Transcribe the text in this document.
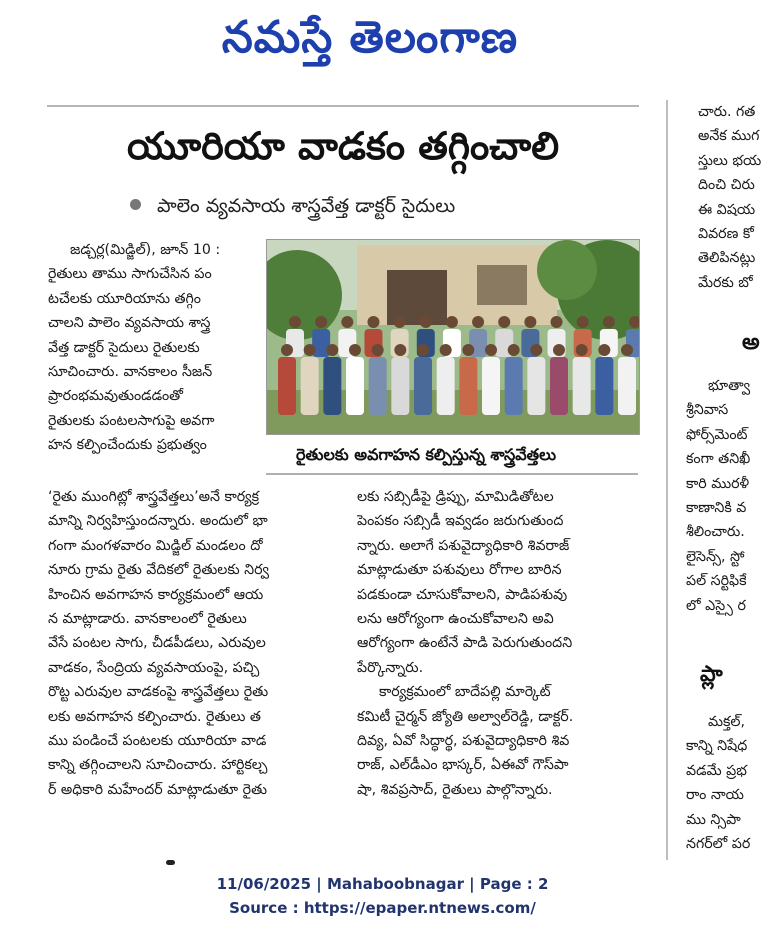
నమస్తే తెలంగాణ
యూరియా వాడకం తగ్గించాలి
పాలెం వ్యవసాయ శాస్త్రవేత్త డాక్టర్ సైదులు
జడ్చర్ల(మిడ్జిల్), జూన్ 10 :
రైతులు తాము సాగుచేసిన పం
టచేలకు యూరియాను తగ్గిం
చాలని పాలెం వ్యవసాయ శాస్త్ర
వేత్త డాక్టర్ సైదులు రైతులకు
సూచించారు. వానకాలం సీజన్
ప్రారంభమవుతుండడంతో
రైతులకు పంటలసాగుపై అవగా
హన కల్పించేందుకు ప్రభుత్వం	రైతులకు అవగాహన కల్పిస్తున్న శాస్త్రవేత్తలు
‘రైతు ముంగిట్లో శాస్త్రవేత్తలు’అనే కార్యక్ర
మాన్ని నిర్వహిస్తుందన్నారు. అందులో భా
గంగా మంగళవారం మిడ్జిల్ మండలం దో
నూరు గ్రామ రైతు వేదికలో రైతులకు నిర్వ
హించిన అవగాహన కార్యక్రమంలో ఆయ
న మాట్లాడారు. వానకాలంలో రైతులు
వేసే పంటల సాగు, చీడపీడలు, ఎరువుల
వాడకం, సేంద్రియ వ్యవసాయంపై, పచ్చి
రొట్ట ఎరువుల వాడకంపై శాస్త్రవేత్తలు రైతు
లకు అవగాహన కల్పించారు. రైతులు త
ము పండించే పంటలకు యూరియా వాడ
కాన్ని తగ్గించాలని సూచించారు. హార్టికల్చ
ర్ అధికారి మహేందర్ మాట్లాడుతూ రైతు
లకు సబ్సిడీపై డ్రిప్పు, మామిడితోటల
పెంపకం సబ్సిడీ ఇవ్వడం జరుగుతుంద
న్నారు. అలాగే పశువైద్యాధికారి శివరాజ్
మాట్లాడుతూ పశువులు రోగాల బారిన
పడకుండా చూసుకోవాలని, పాడిపశువు
లను ఆరోగ్యంగా ఉంచుకోవాలని అవి
ఆరోగ్యంగా ఉంటేనే పాడి పెరుగుతుందని
పేర్కొన్నారు.
కార్యక్రమంలో బాదేపల్లి మార్కెట్
కమిటీ చైర్మన్ జ్యోతి అల్వాల్‌రెడ్డి, డాక్టర్.
దివ్య, ఏవో సిద్ధార్థ, పశువైద్యాధికారి శివ
రాజ్, ఎల్‌డీఎం భాస్కర్, ఏఈవో గౌస్‌పా
షా, శివప్రసాద్, రైతులు పాల్గొన్నారు.
చారు. గత
అనేక ముగ
స్తులు భయ
దించి చిరు
ఈ విషయ
వివరణ కో
తెలిపినట్లు
మేరకు బో
అ
భూత్వా
శ్రీనివాస
ఫోర్స్‌మెంట్
కంగా తనిఖీ
కారి మురళీ
కాణానికి వ
శీలించారు.
లైసెన్స్, స్టో
పల్ సర్టిఫికే
లో ఎస్సై ర
ప్లా
మక్తల్,
కాన్ని నిషేధ
వడమే ప్రభ
రాం నాయ
ము న్సిపా
నగర్‌లో పర
11/06/2025 | Mahaboobnagar | Page : 2
Source : https://epaper.ntnews.com/
